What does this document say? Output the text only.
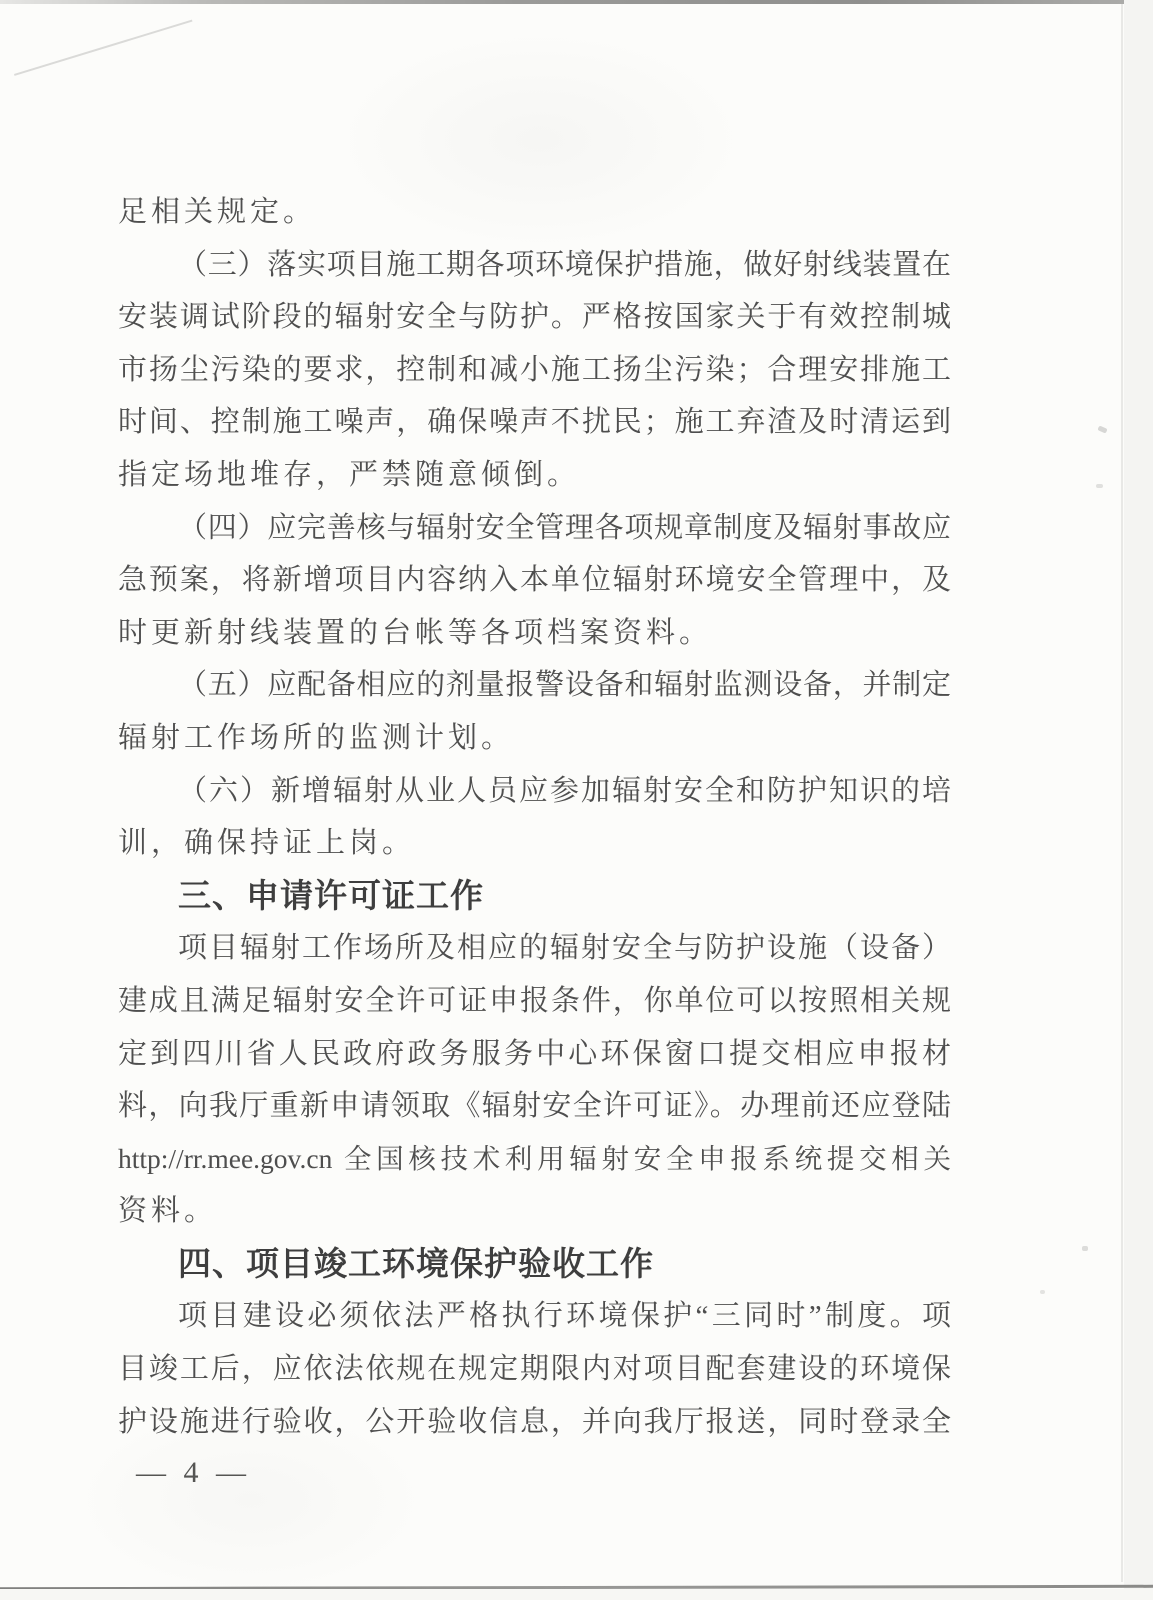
足相关规定。
（三）落实项目施工期各项环境保护措施，做好射线装置在
安装调试阶段的辐射安全与防护。严格按国家关于有效控制城
市扬尘污染的要求，控制和减小施工扬尘污染；合理安排施工
时间、控制施工噪声，确保噪声不扰民；施工弃渣及时清运到
指定场地堆存，严禁随意倾倒。
（四）应完善核与辐射安全管理各项规章制度及辐射事故应
急预案，将新增项目内容纳入本单位辐射环境安全管理中，及
时更新射线装置的台帐等各项档案资料。
（五）应配备相应的剂量报警设备和辐射监测设备，并制定
辐射工作场所的监测计划。
（六）新增辐射从业人员应参加辐射安全和防护知识的培
训，确保持证上岗。
三、申请许可证工作
项目辐射工作场所及相应的辐射安全与防护设施（设备）
建成且满足辐射安全许可证申报条件，你单位可以按照相关规
定到四川省人民政府政务服务中心环保窗口提交相应申报材
料，向我厅重新申请领取《辐射安全许可证》。办理前还应登陆
http://rr.mee.gov.cn 全国核技术利用辐射安全申报系统提交相关
资料。
四、项目竣工环境保护验收工作
项目建设必须依法严格执行环境保护“三同时”制度。项
目竣工后，应依法依规在规定期限内对项目配套建设的环境保
护设施进行验收，公开验收信息，并向我厅报送，同时登录全
— 4 —
